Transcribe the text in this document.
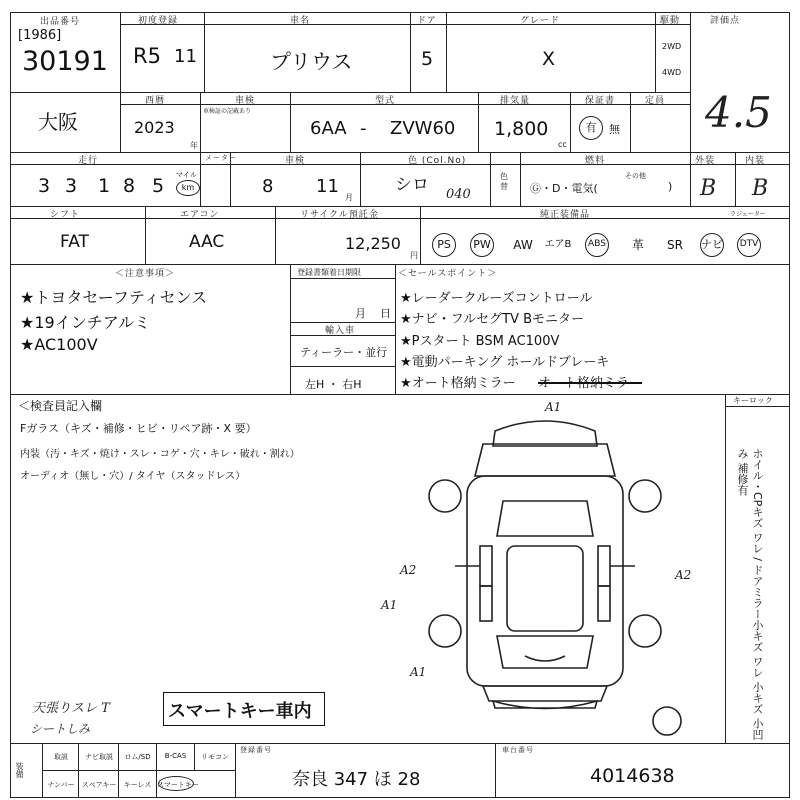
出品番号
[1986]
30191
初度登録
R5 11
車名
プリウス
ドア
5
グレード
X
駆動
2WD
4WD
評価点
4.5
大阪
西暦
2023
年
車検
車検証の記載あり
型式
6AA - ZVW60
排気量
1,800
cc
保証書
有	無
定員
走行
3 3 1 8 5 マイル
km
メーター	車検
8 11
月
色 (Col.No)
シロ 040
色替
燃料
Ⓖ・D・電気(
その他
)
外装
B
内装
B
シフト
FAT
エアコン
AAC
リサイクル預託金
12,250
円
純正装備品	ラジェーター
PS	PW	AW	エアB	ABS	革	SR	ナビ	DTV
＜注意事項＞
★トヨタセーフティセンス
★19インチアルミ
★AC100V
登録書類着日期限
月 日
輸入車
ティーラー・並行
左H ・ 右H
＜セールスポイント＞
★レーダークルーズコントロール
★ナビ・フルセグTV Bモニター
★Pスタート BSM AC100V
★電動パーキング ホールドブレーキ
★オート格納ミラー オート格納ミラー
＜検査員記入欄
Fガラス（キズ・補修・ヒビ・リペア跡・X 要）
内装（汚・キズ・焼け・スレ・コゲ・穴・キレ・破れ・割れ）
オーディオ（無し・穴）/ タイヤ（スタッドレス）
天張りスレ T
シートしみ
スマートキー車内
キーロック
ホイル・CPキズ ワレ / ドアミラー小キズ ワレ 小キズ 小凹み 補修有
A1
A2
A1
A2
A1
装備
取説	ナビ取説	ロム/SD	B-CAS	リモコン
ナンバー	スペアキー	キーレス スマートキー
登録番号
奈良 347 ほ 28
車台番号
4014638
